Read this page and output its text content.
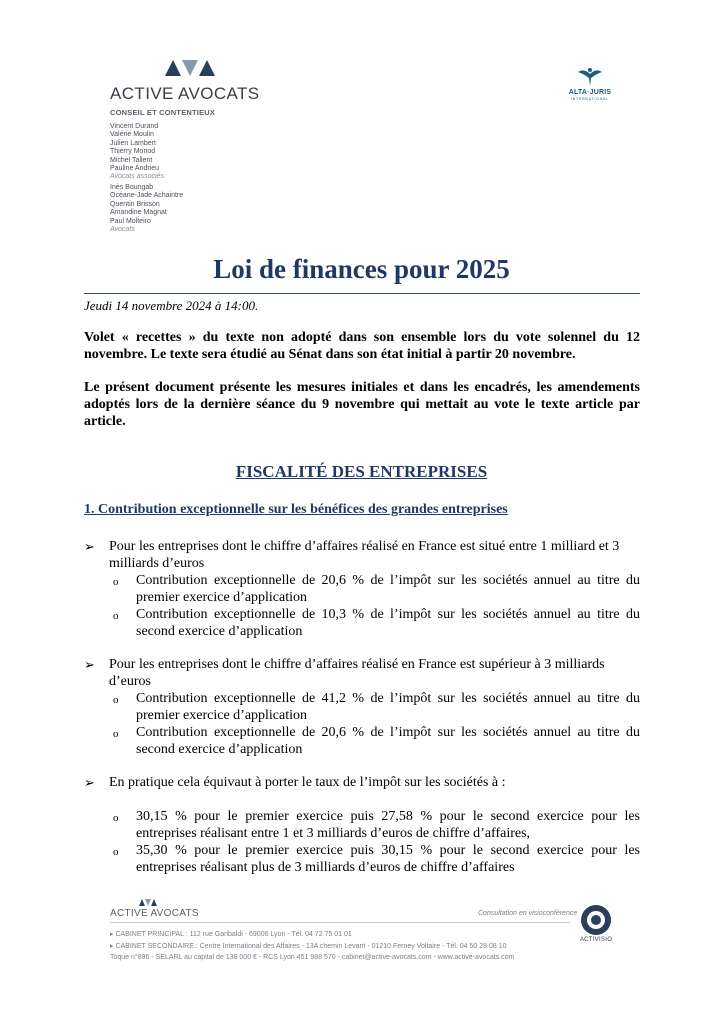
ACTIVE AVOCATS
CONSEIL ET CONTENTIEUX
Vincent Durand
Valérie Moulin
Julien Lambert
Thierry Monod
Michel Tallent
Pauline Andrieu
Avocats associés
Inès Boungab
Océane-Jade Achaintre
Quentin Brisson
Amandine Magnat
Paul Molteiro
Avocats
ALTA·JURIS
INTERNATIONAL
Loi de finances pour 2025
Jeudi 14 novembre 2024 à 14:00.
Volet « recettes » du texte non adopté dans son ensemble lors du vote solennel du 12 novembre. Le texte sera étudié au Sénat dans son état initial à partir 20 novembre.
Le présent document présente les mesures initiales et dans les encadrés, les amendements adoptés lors de la dernière séance du 9 novembre qui mettait au vote le texte article par article.
FISCALITÉ DES ENTREPRISES
1. Contribution exceptionnelle sur les bénéfices des grandes entreprises
➢ Pour les entreprises dont le chiffre d’affaires réalisé en France est situé entre 1 milliard et 3 milliards d’euros
o Contribution exceptionnelle de 20,6 % de l’impôt sur les sociétés annuel au titre du premier exercice d’application
o Contribution exceptionnelle de 10,3 % de l’impôt sur les sociétés annuel au titre du second exercice d’application
➢ Pour les entreprises dont le chiffre d’affaires réalisé en France est supérieur à 3 milliards d’euros
o Contribution exceptionnelle de 41,2 % de l’impôt sur les sociétés annuel au titre du premier exercice d’application
o Contribution exceptionnelle de 20,6 % de l’impôt sur les sociétés annuel au titre du second exercice d’application
➢ En pratique cela équivaut à porter le taux de l’impôt sur les sociétés à :
o 30,15 % pour le premier exercice puis 27,58 % pour le second exercice pour les entreprises réalisant entre 1 et 3 milliards d’euros de chiffre d’affaires,
o 35,30 % pour le premier exercice puis 30,15 % pour le second exercice pour les entreprises réalisant plus de 3 milliards d’euros de chiffre d’affaires
ACTIVE AVOCATS	Consultation en visioconférence
▸ CABINET PRINCIPAL : 112 rue Garibaldi - 69006 Lyon - Tél. 04 72 75 01 01
▸ CABINET SECONDAIRE : Centre International des Affaires - 13A chemin Levant - 01210 Ferney Voltaire - Tél. 04 50 28 08 10
Toque n°896 - SELARL au capital de 138 000 € - RCS Lyon 451 988 570 - cabinet@active-avocats.com - www.active-avocats.com
ACTIVISIO
